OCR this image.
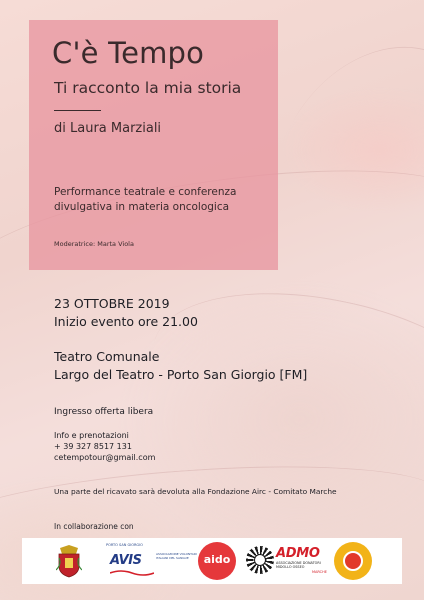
C'è Tempo
Ti racconto la mia storia
di Laura Marziali
Performance teatrale e conferenza
divulgativa in materia oncologica
Moderatrice: Marta Viola
23 OTTOBRE 2019
Inizio evento ore 21.00
Teatro Comunale
Largo del Teatro - Porto San Giorgio [FM]
Ingresso offerta libera
Info e prenotazioni
+ 39 327 8517 131
cetempotour@gmail.com
Una parte del ricavato sarà devoluta alla Fondazione Airc - Comitato Marche
In collaborazione con
PORTO SAN GIORGIO
AVIS	ASSOCIAZIONE VOLONTARI ITALIANI DEL SANGUE	aido	ADMO
ASSOCIAZIONE DONATORI MIDOLLO OSSEO
MARCHE
